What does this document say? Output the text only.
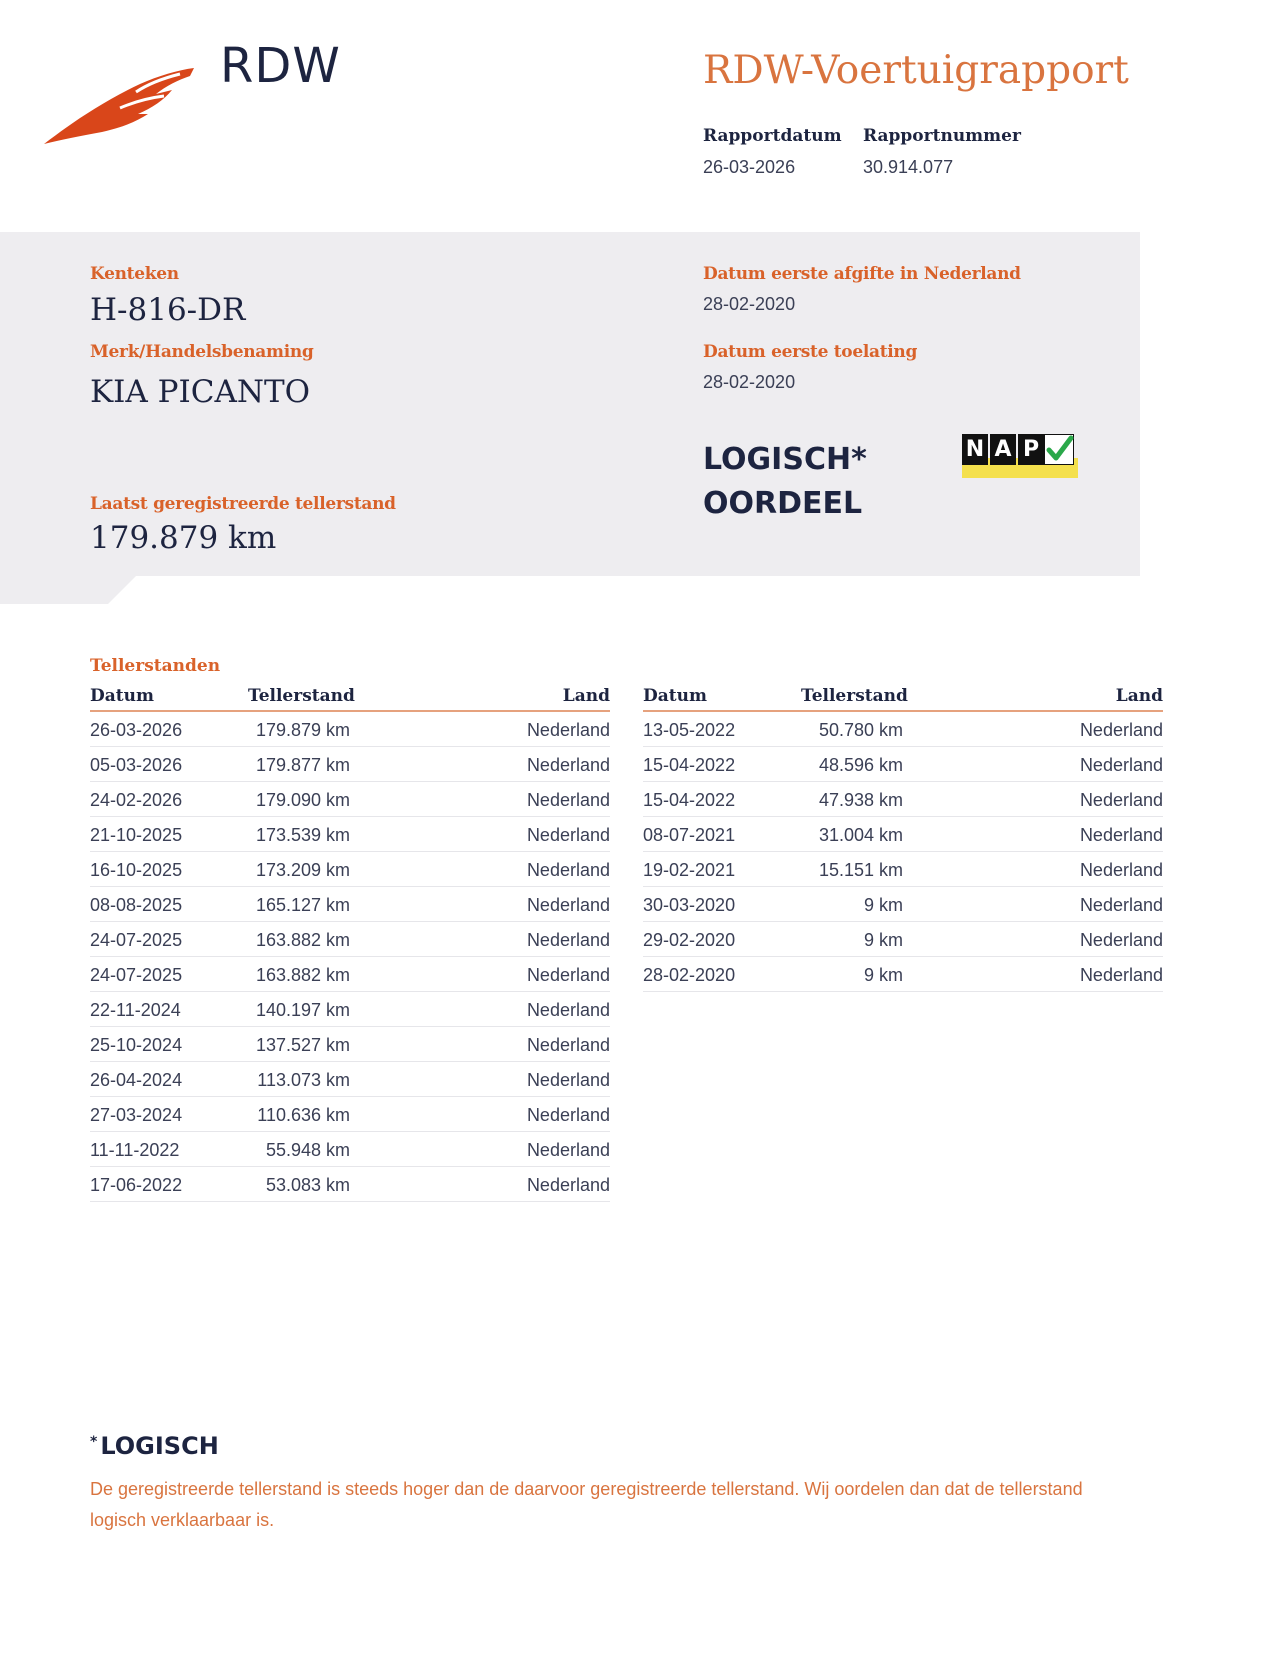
RDW	RDW-Voertuigrapport
Rapportdatum
26-03-2026
Rapportnummer
30.914.077
Kenteken
H-816-DR
Merk/Handelsbenaming
KIA PICANTO
Laatst geregistreerde tellerstand
179.879 km
Datum eerste afgifte in Nederland
28-02-2020
Datum eerste toelating
28-02-2020
LOGISCH*
OORDEEL
N A P
Tellerstanden
Datum	Tellerstand	Land
26-03-2026	179.879 km	Nederland
05-03-2026	179.877 km	Nederland
24-02-2026	179.090 km	Nederland
21-10-2025	173.539 km	Nederland
16-10-2025	173.209 km	Nederland
08-08-2025	165.127 km	Nederland
24-07-2025	163.882 km	Nederland
24-07-2025	163.882 km	Nederland
22-11-2024	140.197 km	Nederland
25-10-2024	137.527 km	Nederland
26-04-2024	113.073 km	Nederland
27-03-2024	110.636 km	Nederland
11-11-2022	55.948 km	Nederland
17-06-2022	53.083 km	Nederland
Datum	Tellerstand	Land
13-05-2022	50.780 km	Nederland
15-04-2022	48.596 km	Nederland
15-04-2022	47.938 km	Nederland
08-07-2021	31.004 km	Nederland
19-02-2021	15.151 km	Nederland
30-03-2020	9 km	Nederland
29-02-2020	9 km	Nederland
28-02-2020	9 km	Nederland
* LOGISCH
De geregistreerde tellerstand is steeds hoger dan de daarvoor geregistreerde tellerstand. Wij oordelen dan dat de tellerstand logisch verklaarbaar is.
